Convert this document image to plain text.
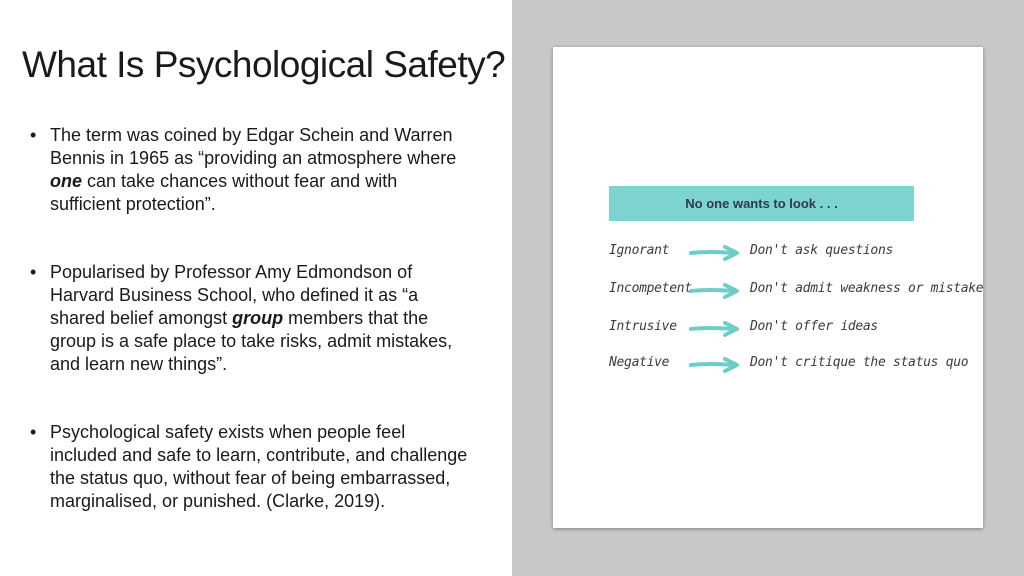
What Is Psychological Safety?
• The term was coined by Edgar Schein and Warren Bennis in 1965 as “providing an atmosphere where one can take chances without fear and with sufficient protection”.
• Popularised by Professor Amy Edmondson of Harvard Business School, who defined it as “a shared belief amongst group members that the group is a safe place to take risks, admit mistakes, and learn new things”.
• Psychological safety exists when people feel included and safe to learn, contribute, and challenge the status quo, without fear of being embarrassed, marginalised, or punished. (Clarke, 2019).
No one wants to look . . .
Ignorant	Don't ask questions
Incompetent	Don't admit weakness or mistake
Intrusive	Don't offer ideas
Negative	Don't critique the status quo
